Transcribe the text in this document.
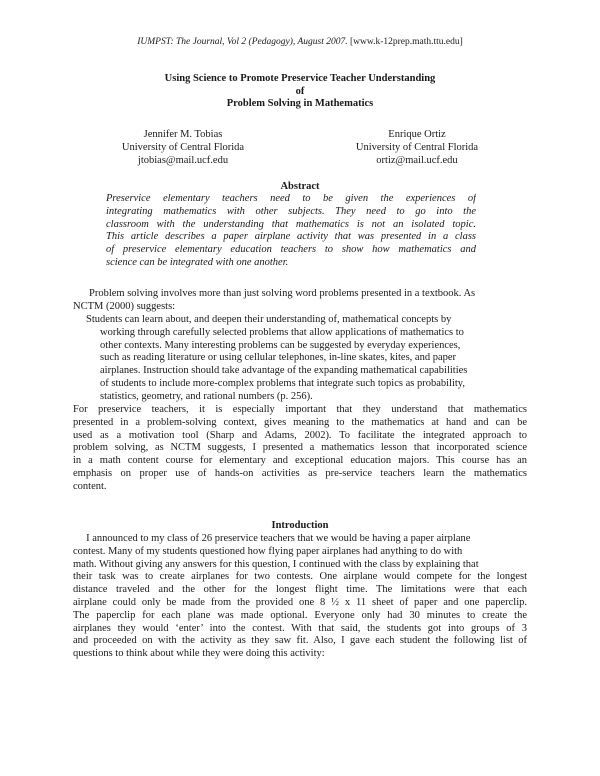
IUMPST: The Journal, Vol 2 (Pedagogy), August 2007. [www.k-12prep.math.ttu.edu]
Using Science to Promote Preservice Teacher Understanding
of
Problem Solving in Mathematics
Jennifer M. Tobias
University of Central Florida
jtobias@mail.ucf.edu
Enrique Ortiz
University of Central Florida
ortiz@mail.ucf.edu
Abstract
Preservice elementary teachers need to be given the experiences of
integrating mathematics with other subjects. They need to go into the
classroom with the understanding that mathematics is not an isolated topic.
This article describes a paper airplane activity that was presented in a class
of preservice elementary education teachers to show how mathematics and
science can be integrated with one another.
Problem solving involves more than just solving word problems presented in a textbook. As
NCTM (2000) suggests:
Students can learn about, and deepen their understanding of, mathematical concepts by
working through carefully selected problems that allow applications of mathematics to
other contexts. Many interesting problems can be suggested by everyday experiences,
such as reading literature or using cellular telephones, in-line skates, kites, and paper
airplanes. Instruction should take advantage of the expanding mathematical capabilities
of students to include more-complex problems that integrate such topics as probability,
statistics, geometry, and rational numbers (p. 256).
For preservice teachers, it is especially important that they understand that mathematics
presented in a problem-solving context, gives meaning to the mathematics at hand and can be
used as a motivation tool (Sharp and Adams, 2002). To facilitate the integrated approach to
problem solving, as NCTM suggests, I presented a mathematics lesson that incorporated science
in a math content course for elementary and exceptional education majors. This course has an
emphasis on proper use of hands-on activities as pre-service teachers learn the mathematics
content.
Introduction
I announced to my class of 26 preservice teachers that we would be having a paper airplane
contest. Many of my students questioned how flying paper airplanes had anything to do with
math. Without giving any answers for this question, I continued with the class by explaining that
their task was to create airplanes for two contests. One airplane would compete for the longest
distance traveled and the other for the longest flight time. The limitations were that each
airplane could only be made from the provided one 8 ½ x 11 sheet of paper and one paperclip.
The paperclip for each plane was made optional. Everyone only had 30 minutes to create the
airplanes they would ‘enter’ into the contest. With that said, the students got into groups of 3
and proceeded on with the activity as they saw fit. Also, I gave each student the following list of
questions to think about while they were doing this activity:
